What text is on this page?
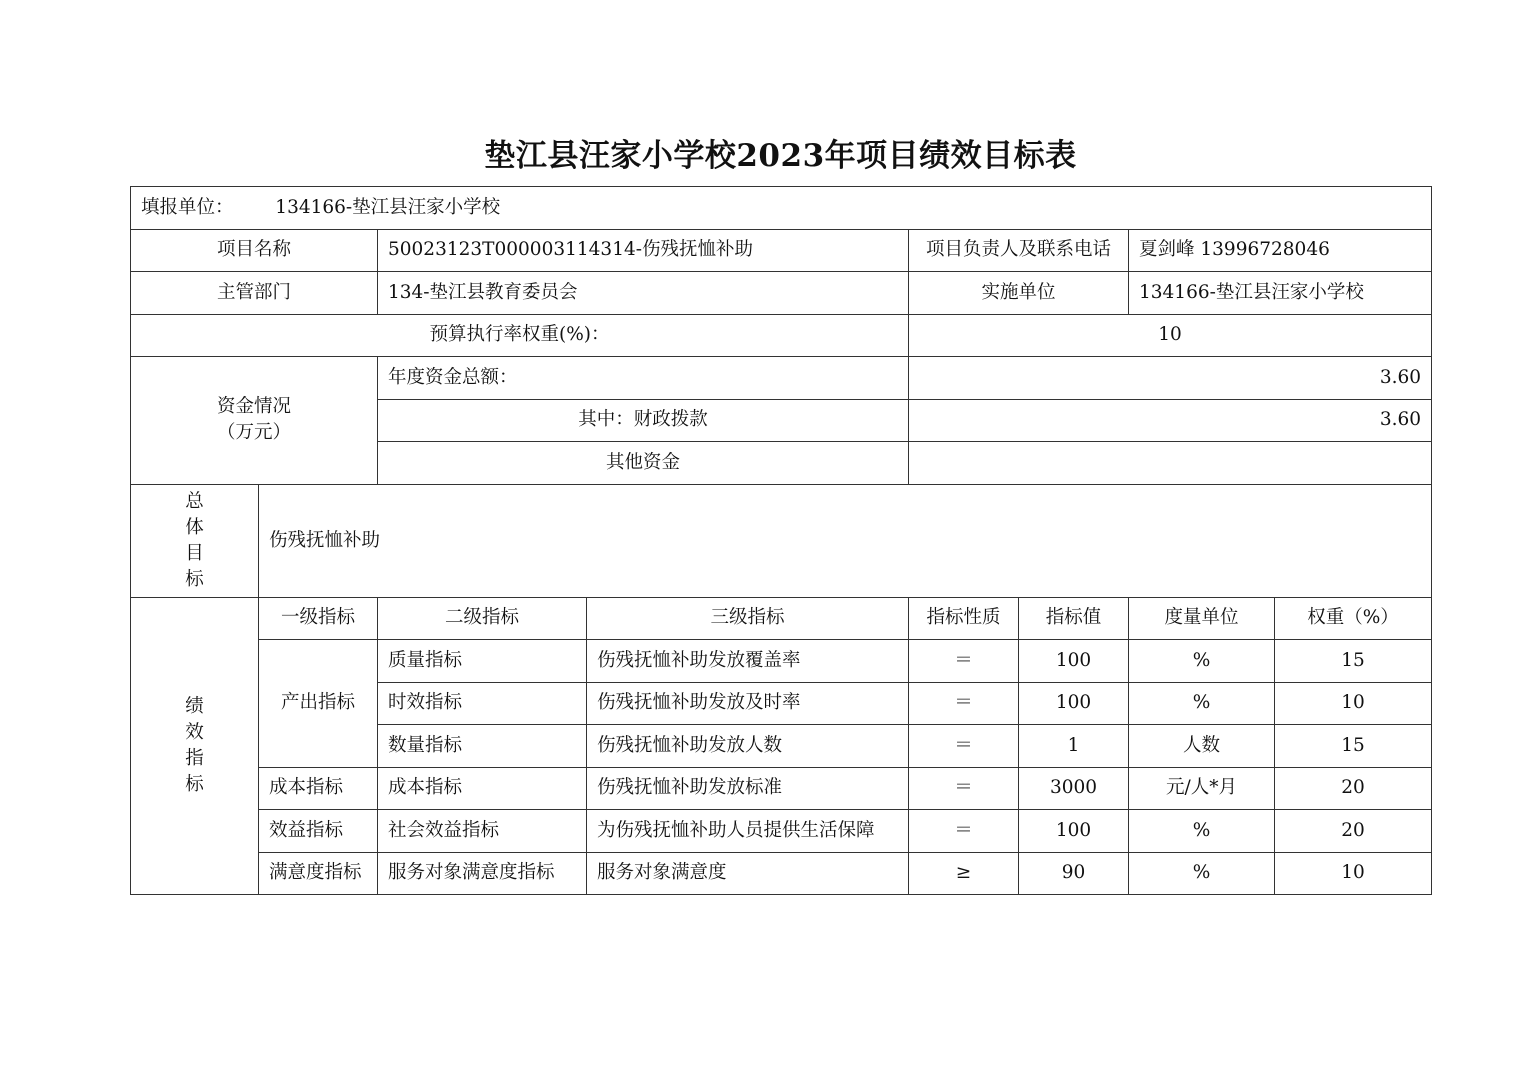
垫江县汪家小学校2023年项目绩效目标表
填报单位： 134166-垫江县汪家小学校							
项目名称		50023123T000003114314-伤残抚恤补助		项目负责人及联系电话		夏剑峰 13996728046	
主管部门		134-垫江县教育委员会		实施单位		134166-垫江县汪家小学校	
预算执行率权重(%)：				10			
资金情况
（万元）		年度资金总额：		3.60			
		其中：财政拨款		3.60			
		其他资金					

总
体
目
标	伤残抚恤补助						

绩
效
指
标	一级指标	二级指标	三级指标	指标性质	指标值	度量单位	权重（%）
	产出指标	质量指标	伤残抚恤补助发放覆盖率	＝	100	%	15
		时效指标	伤残抚恤补助发放及时率	＝	100	%	10
		数量指标	伤残抚恤补助发放人数	＝	1	人数	15
	成本指标	成本指标	伤残抚恤补助发放标准	＝	3000	元/人*月	20
	效益指标	社会效益指标	为伤残抚恤补助人员提供生活保障	＝	100	%	20
	满意度指标	服务对象满意度指标	服务对象满意度	≥	90	%	10
